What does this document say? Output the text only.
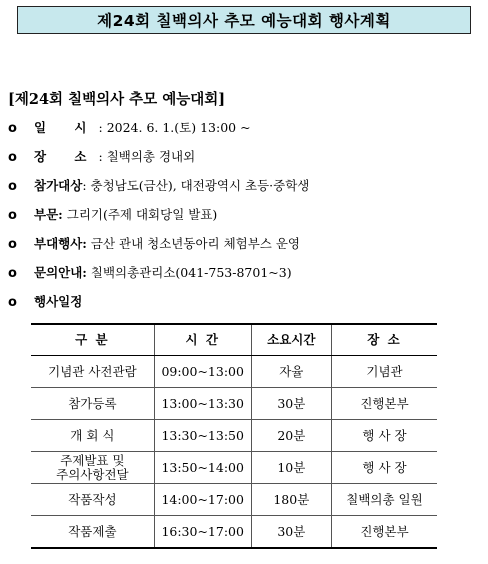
제24회 칠백의사 추모 예능대회 행사계획
[제24회 칠백의사 추모 예능대회]
o 일 시: 2024. 6. 1.(토) 13:00 ~
o 장 소: 칠백의총 경내외
o 참가대상: 충청남도(금산), 대전광역시 초등·중학생
o 부문: 그리기(주제 대회당일 발표)
o 부대행사: 금산 관내 청소년동아리 체험부스 운영
o 문의안내: 칠백의총관리소(041-753-8701~3)
o 행사일정
구 분	시 간	소요시간	장 소
기념관 사전관람	09:00~13:00	자율	기념관
참가등록	13:00~13:30	30분	진행본부
개 회 식	13:30~13:50	20분	행 사 장
주제발표 및
주의사항전달	13:50~14:00	10분	행 사 장
작품작성	14:00~17:00	180분	칠백의총 일원
작품제출	16:30~17:00	30분	진행본부
